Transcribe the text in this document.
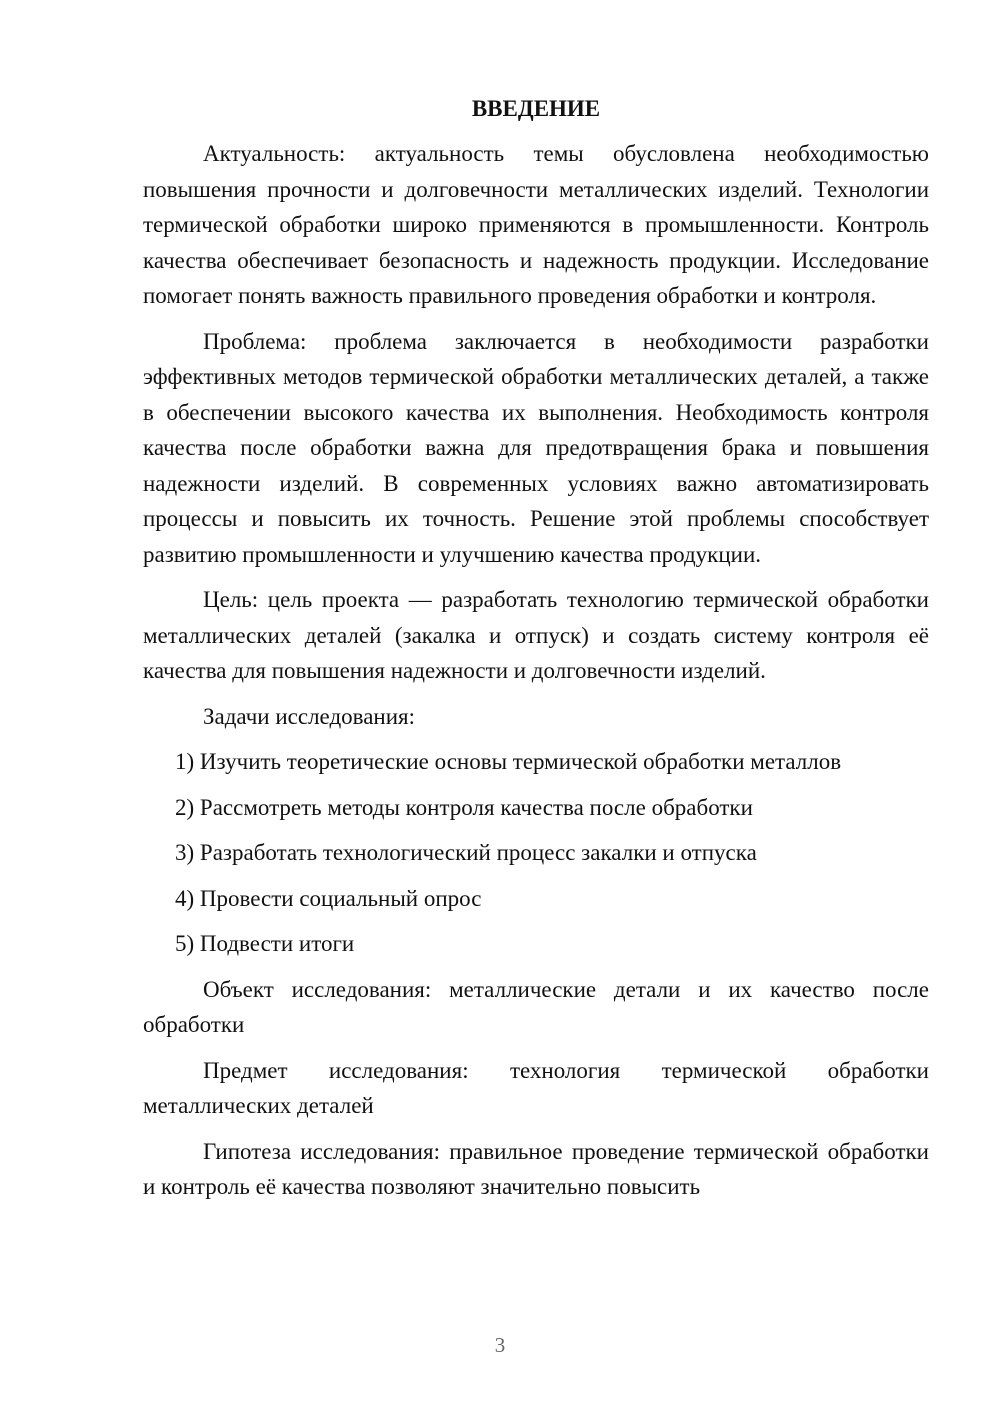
ВВЕДЕНИЕ

Актуальность: актуальность темы обусловлена необходимостью повышения прочности и долговечности металлических изделий. Технологии термической обработки широко применяются в промышленности. Контроль качества обеспечивает безопасность и надежность продукции. Исследование помогает понять важность правильного проведения обработки и контроля.

Проблема: проблема заключается в необходимости разработки эффективных методов термической обработки металлических деталей, а также в обеспечении высокого качества их выполнения. Необходимость контроля качества после обработки важна для предотвращения брака и повышения надежности изделий. В современных условиях важно автоматизировать процессы и повысить их точность. Решение этой проблемы способствует развитию промышленности и улучшению качества продукции.

Цель: цель проекта — разработать технологию термической обработки металлических деталей (закалка и отпуск) и создать систему контроля её качества для повышения надежности и долговечности изделий.

Задачи исследования:

1) Изучить теоретические основы термической обработки металлов
2) Рассмотреть методы контроля качества после обработки
3) Разработать технологический процесс закалки и отпуска
4) Провести социальный опрос
5) Подвести итоги

Объект исследования: металлические детали и их качество после обработки

Предмет исследования: технология термической обработки металлических деталей

Гипотеза исследования: правильное проведение термической обработки и контроль её качества позволяют значительно повысить

3
